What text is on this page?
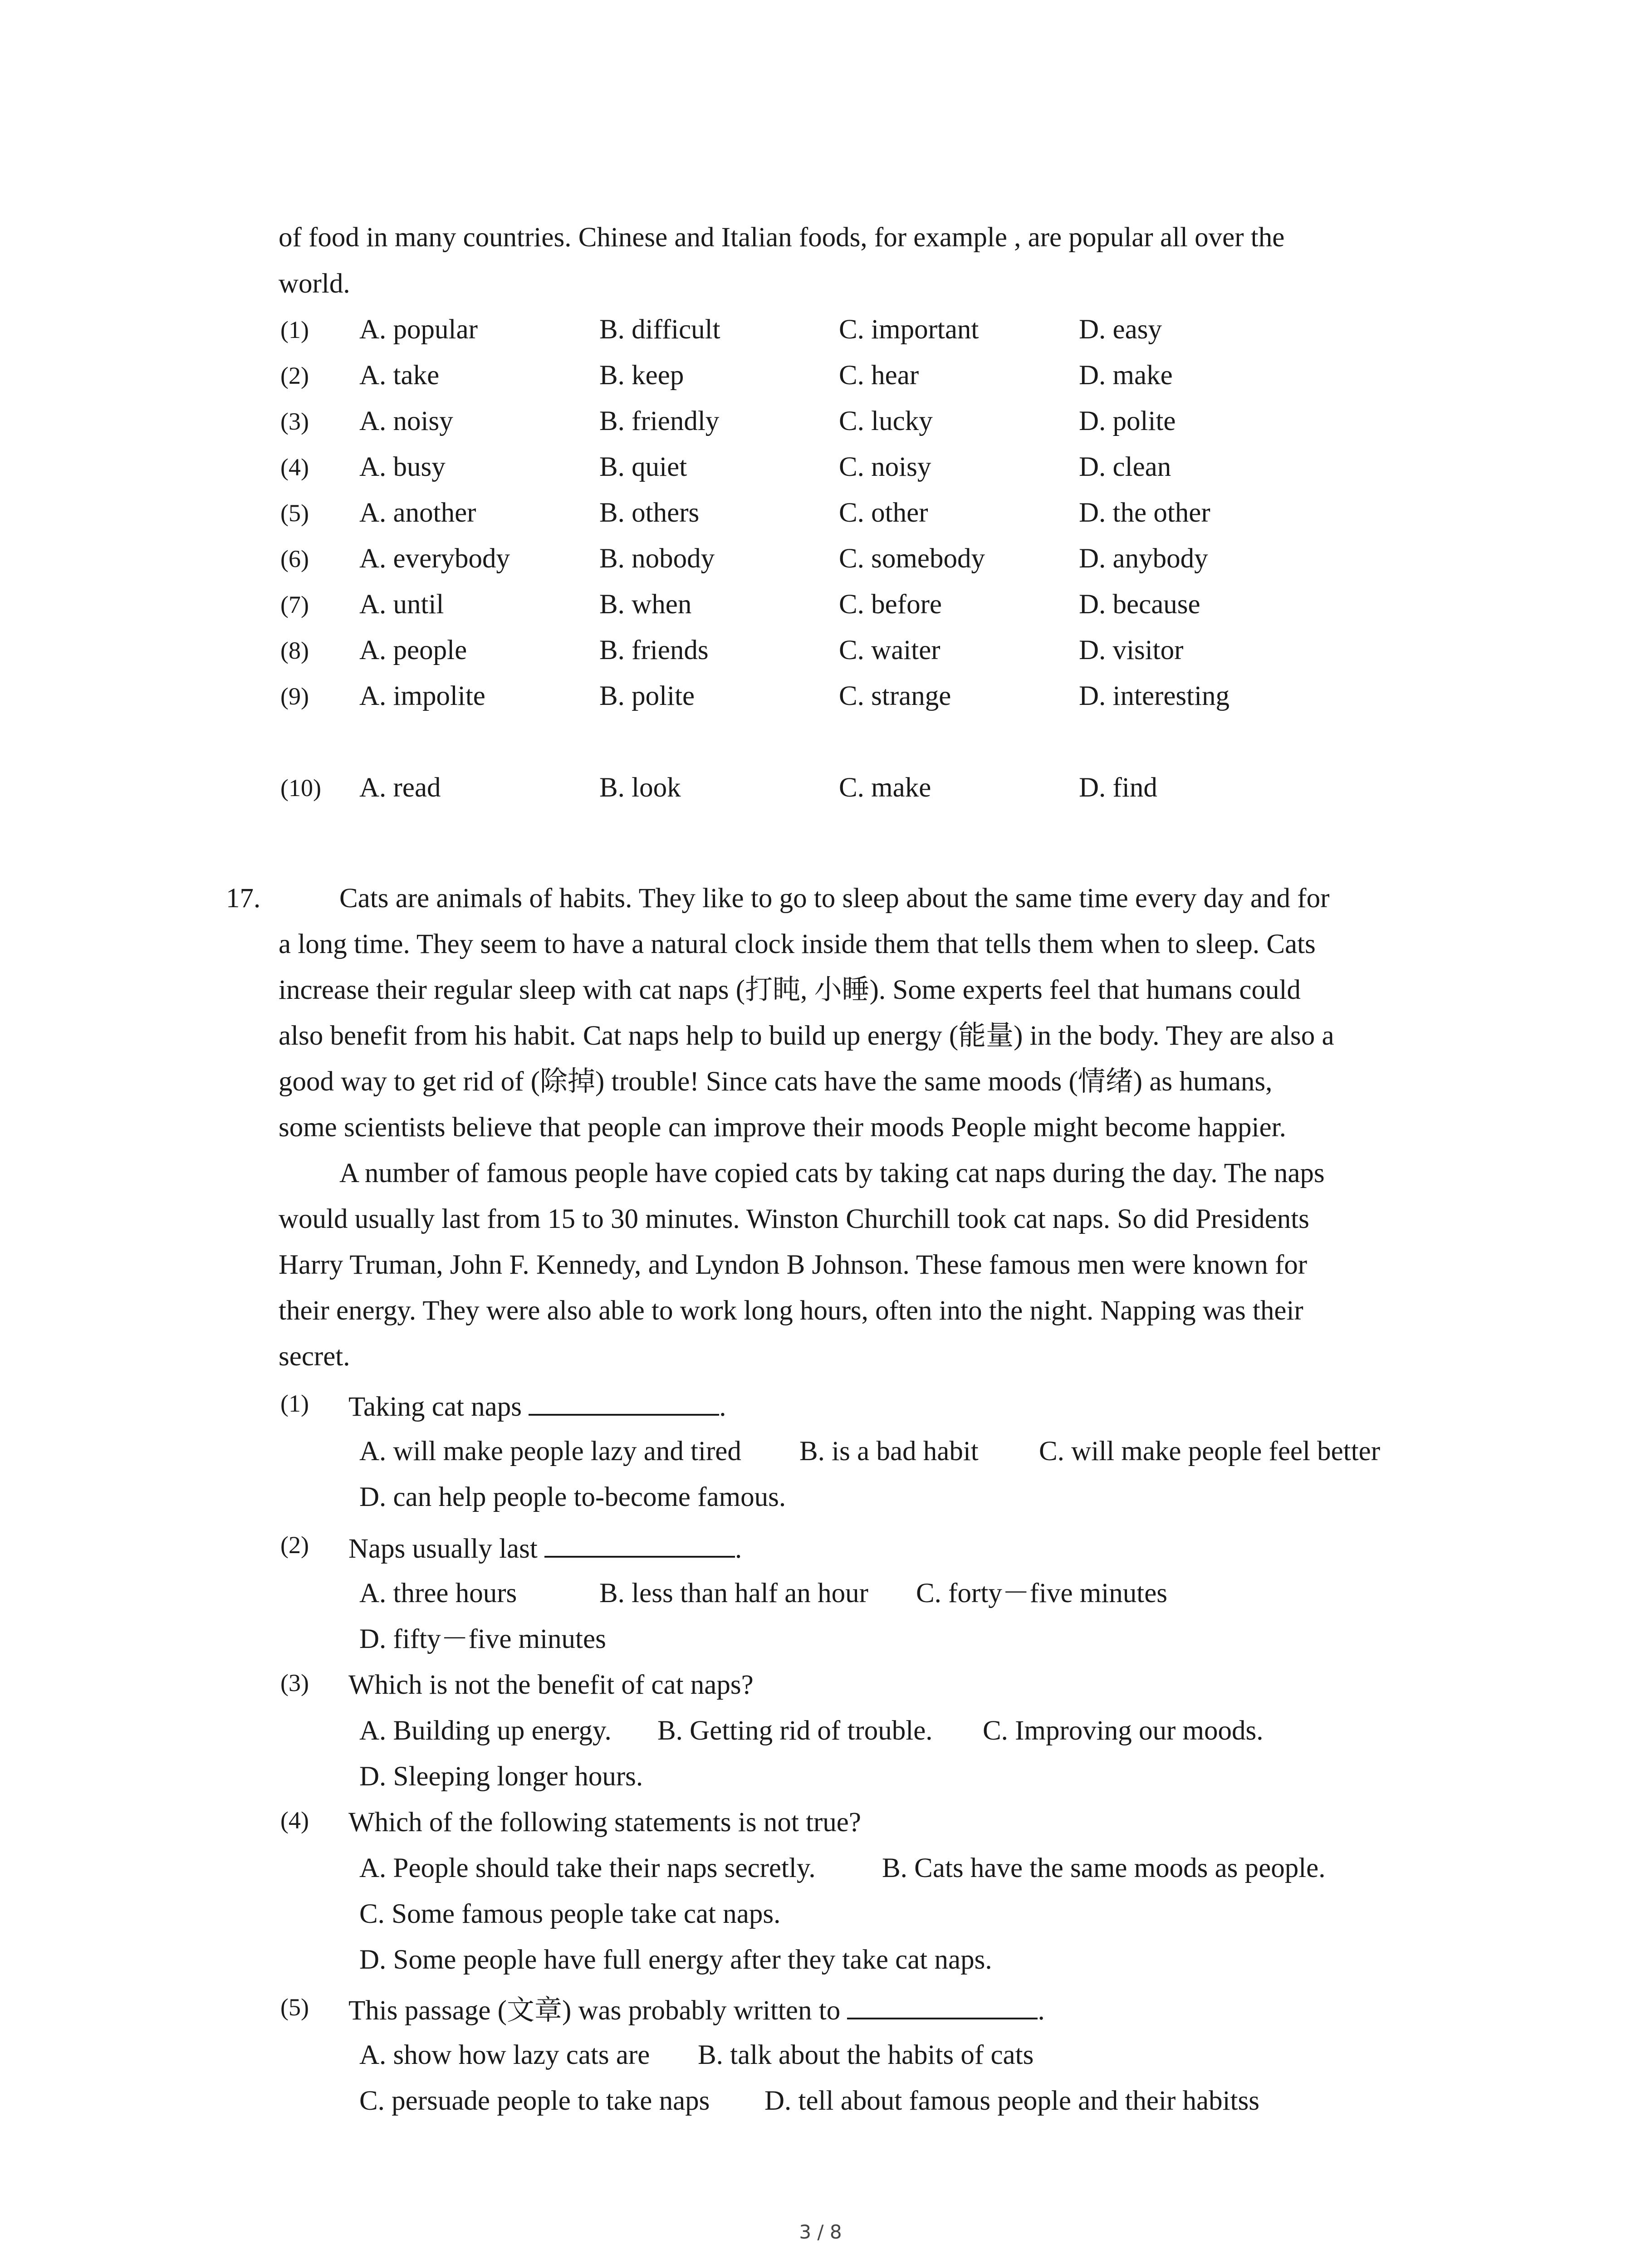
of food in many countries. Chinese and Italian foods, for example , are popular all over the
world.
(1) A. popular	B. difficult	C. important	D. easy
(2) A. take	B. keep	C. hear	D. make
(3) A. noisy	B. friendly	C. lucky	D. polite
(4) A. busy	B. quiet	C. noisy	D. clean
(5) A. another	B. others	C. other	D. the other
(6) A. everybody	B. nobody	C. somebody	D. anybody
(7) A. until	B. when	C. before	D. because
(8) A. people	B. friends	C. waiter	D. visitor
(9) A. impolite	B. polite	C. strange	D. interesting
(10) A. read	B. look	C. make	D. find
17.	Cats are animals of habits. They like to go to sleep about the same time every day and for
a long time. They seem to have a natural clock inside them that tells them when to sleep. Cats
increase their regular sleep with cat naps (打盹, 小睡). Some experts feel that humans could
also benefit from his habit. Cat naps help to build up energy (能量) in the body. They are also a
good way to get rid of (除掉) trouble! Since cats have the same moods (情绪) as humans,
some scientists believe that people can improve their moods People might become happier.
A number of famous people have copied cats by taking cat naps during the day. The naps
would usually last from 15 to 30 minutes. Winston Churchill took cat naps. So did Presidents
Harry Truman, John F. Kennedy, and Lyndon B Johnson. These famous men were known for
their energy. They were also able to work long hours, often into the night. Napping was their
secret.
(1) Taking cat naps	.
A. will make people lazy and tired B. is a bad habit C. will make people feel better
D. can help people to-become famous.
(2) Naps usually last	.
A. three hours	B. less than half an hour C. forty－five minutes
D. fifty－five minutes
(3) Which is not the benefit of cat naps?
A. Building up energy. B. Getting rid of trouble. C. Improving our moods.
D. Sleeping longer hours.
(4) Which of the following statements is not true?
A. People should take their naps secretly. B. Cats have the same moods as people.
C. Some famous people take cat naps.
D. Some people have full energy after they take cat naps.
(5) This passage (文章) was probably written to	.
A. show how lazy cats are B. talk about the habits of cats
C. persuade people to take naps D. tell about famous people and their habitss
3 / 8
